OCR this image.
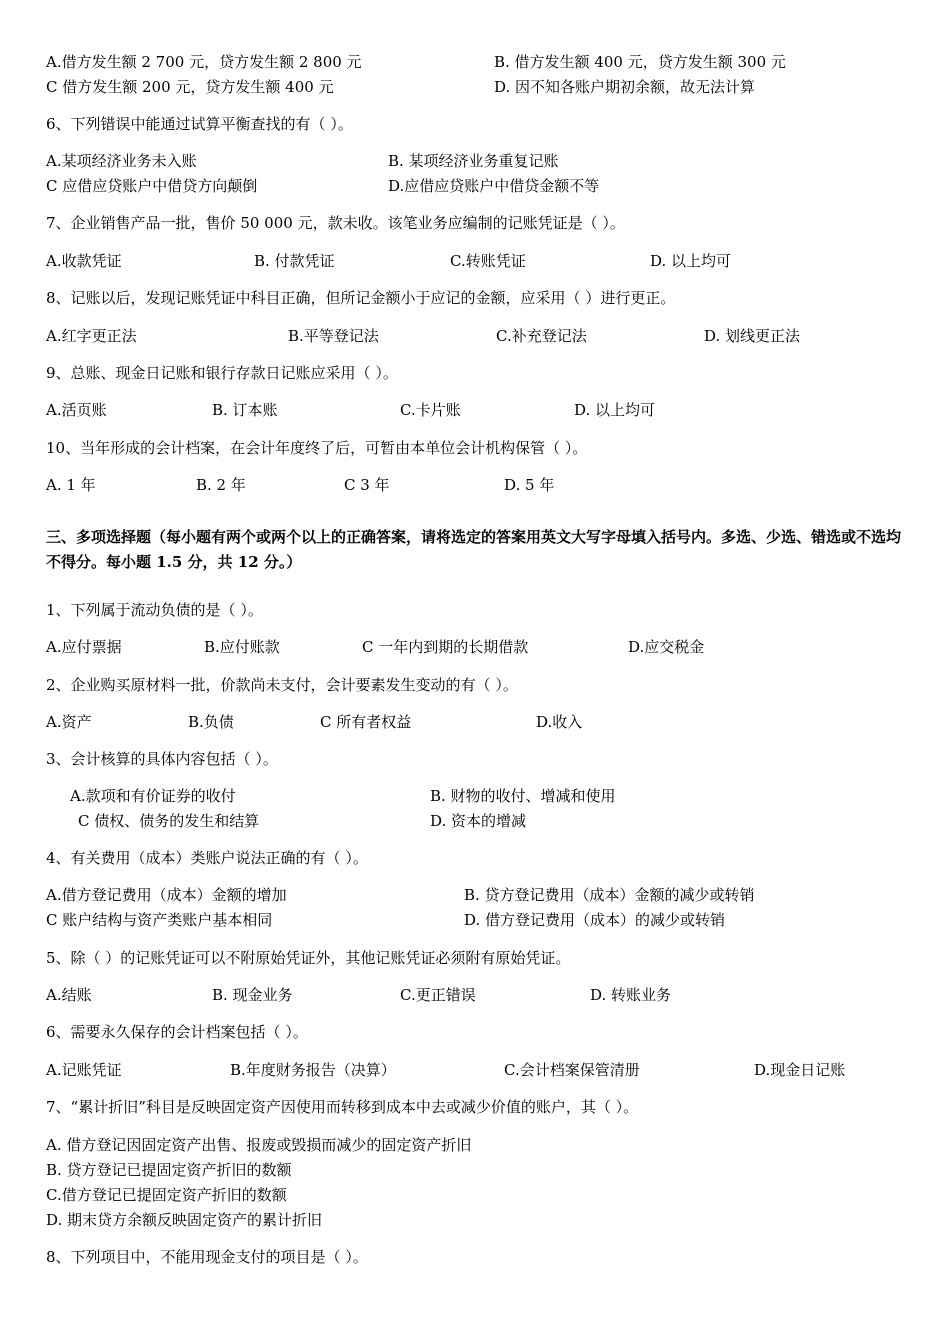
A.借方发生额 2 700 元，贷方发生额 2 800 元	B. 借方发生额 400 元，贷方发生额 300 元
C 借方发生额 200 元，贷方发生额 400 元	D. 因不知各账户期初余额，故无法计算
6、下列错误中能通过试算平衡查找的有（ ）。
A.某项经济业务未入账	B. 某项经济业务重复记账
C 应借应贷账户中借贷方向颠倒	D.应借应贷账户中借贷金额不等
7、企业销售产品一批，售价 50 000 元，款未收。该笔业务应编制的记账凭证是（ ）。
A.收款凭证	B. 付款凭证	C.转账凭证	D. 以上均可
8、记账以后，发现记账凭证中科目正确，但所记金额小于应记的金额，应采用（ ）进行更正。
A.红字更正法	B.平等登记法	C.补充登记法	D. 划线更正法
9、总账、现金日记账和银行存款日记账应采用（ ）。
A.活页账	B. 订本账	C.卡片账	D. 以上均可
10、当年形成的会计档案，在会计年度终了后，可暂由本单位会计机构保管（ ）。
A. 1 年	B. 2 年	C 3 年	D. 5 年
三、多项选择题（每小题有两个或两个以上的正确答案，请将选定的答案用英文大写字母填入括号内。多选、少选、错选或不选均不得分。每小题 1.5 分，共 12 分。）
1、下列属于流动负债的是（ ）。
A.应付票据	B.应付账款	C 一年内到期的长期借款	D.应交税金
2、企业购买原材料一批，价款尚未支付，会计要素发生变动的有（ ）。
A.资产	B.负债	C 所有者权益	D.收入
3、会计核算的具体内容包括（ ）。
A.款项和有价证券的收付	B. 财物的收付、增减和使用
C 债权、债务的发生和结算	D. 资本的增减
4、有关费用（成本）类账户说法正确的有（ ）。
A.借方登记费用（成本）金额的增加	B. 贷方登记费用（成本）金额的减少或转销
C 账户结构与资产类账户基本相同	D. 借方登记费用（成本）的减少或转销
5、除（ ）的记账凭证可以不附原始凭证外，其他记账凭证必须附有原始凭证。
A.结账	B. 现金业务	C.更正错误	D. 转账业务
6、需要永久保存的会计档案包括（ ）。
A.记账凭证	B.年度财务报告（决算）	C.会计档案保管清册	D.现金日记账
7、“累计折旧”科目是反映固定资产因使用而转移到成本中去或减少价值的账户，其（ ）。
A. 借方登记因固定资产出售、报废或毁损而减少的固定资产折旧
B. 贷方登记已提固定资产折旧的数额
C.借方登记已提固定资产折旧的数额
D. 期末贷方余额反映固定资产的累计折旧
8、下列项目中，不能用现金支付的项目是（ ）。
